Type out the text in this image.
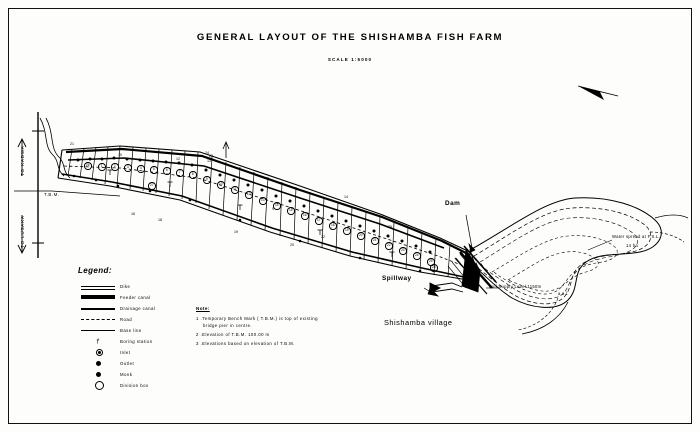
GENERAL LAYOUT OF THE SHISHAMBA FISH FARM
SCALE 1:5000
TO KADWA
TO LUSAKA
T.B.M.
Dam
Spillway
Shishamba village
Water spread at F.S.L.
14 ha
Full Supply Level 1150m
a.s.l.
21
24
16
18
19
20
22
23
14
12
10
9
7	25
13
1	2	3	4	5	6	7	8
9
10
11
12
13
14
15
16
17
18
19
20
21
22
23
24
25
26
27
28
Legend:
Dike
Feeder canal
Drainage canal
Road
Base line
†	Boring station
Inlet
Outlet
Monk
Division box
Note:
1 .Temporary Bench Mark ( T.B.M.) is top of existing
bridge pier in centre.
2 .Elevation of T.B.M. 100.00 m
3 .Elevations based on elevation of T.B.M.
